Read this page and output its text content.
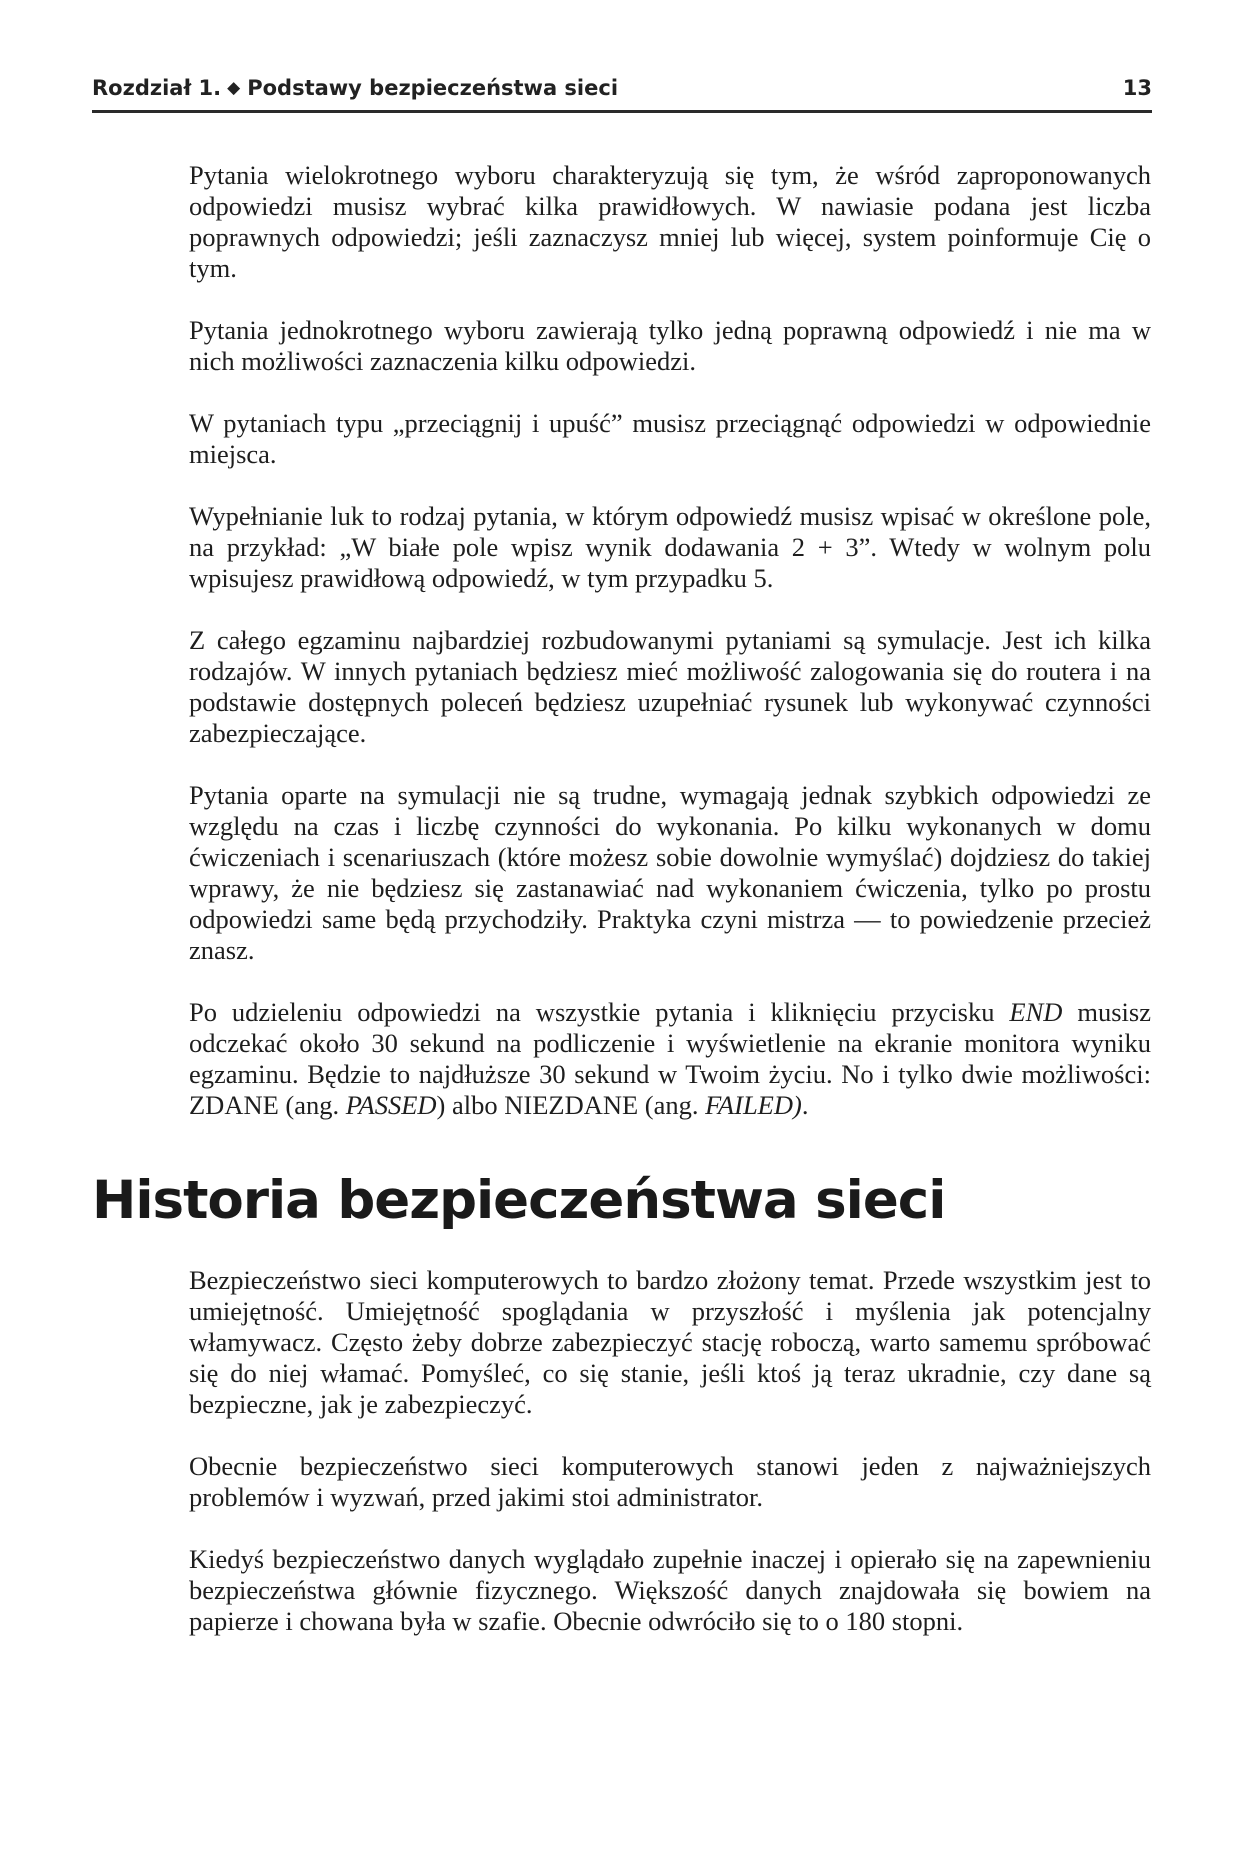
Rozdział 1. ◆ Podstawy bezpieczeństwa sieci	13

Pytania wielokrotnego wyboru charakteryzują się tym, że wśród zaproponowanych odpowiedzi musisz wybrać kilka prawidłowych. W nawiasie podana jest liczba poprawnych odpowiedzi; jeśli zaznaczysz mniej lub więcej, system poinformuje Cię o tym.

Pytania jednokrotnego wyboru zawierają tylko jedną poprawną odpowiedź i nie ma w nich możliwości zaznaczenia kilku odpowiedzi.

W pytaniach typu „przeciągnij i upuść” musisz przeciągnąć odpowiedzi w odpowiednie miejsca.

Wypełnianie luk to rodzaj pytania, w którym odpowiedź musisz wpisać w określone pole, na przykład: „W białe pole wpisz wynik dodawania 2 + 3”. Wtedy w wolnym polu wpisujesz prawidłową odpowiedź, w tym przypadku 5.

Z całego egzaminu najbardziej rozbudowanymi pytaniami są symulacje. Jest ich kilka rodzajów. W innych pytaniach będziesz mieć możliwość zalogowania się do routera i na podstawie dostępnych poleceń będziesz uzupełniać rysunek lub wykonywać czynności zabezpieczające.

Pytania oparte na symulacji nie są trudne, wymagają jednak szybkich odpowiedzi ze względu na czas i liczbę czynności do wykonania. Po kilku wykonanych w domu ćwiczeniach i scenariuszach (które możesz sobie dowolnie wymyślać) dojdziesz do takiej wprawy, że nie będziesz się zastanawiać nad wykonaniem ćwiczenia, tylko po prostu odpowiedzi same będą przychodziły. Praktyka czyni mistrza — to powiedzenie przecież znasz.

Po udzieleniu odpowiedzi na wszystkie pytania i kliknięciu przycisku END musisz odczekać około 30 sekund na podliczenie i wyświetlenie na ekranie monitora wyniku egzaminu. Będzie to najdłuższe 30 sekund w Twoim życiu. No i tylko dwie możliwości: ZDANE (ang. PASSED) albo NIEZDANE (ang. FAILED).

Historia bezpieczeństwa sieci

Bezpieczeństwo sieci komputerowych to bardzo złożony temat. Przede wszystkim jest to umiejętność. Umiejętność spoglądania w przyszłość i myślenia jak potencjalny włamywacz. Często żeby dobrze zabezpieczyć stację roboczą, warto samemu spróbować się do niej włamać. Pomyśleć, co się stanie, jeśli ktoś ją teraz ukradnie, czy dane są bezpieczne, jak je zabezpieczyć.

Obecnie bezpieczeństwo sieci komputerowych stanowi jeden z najważniejszych problemów i wyzwań, przed jakimi stoi administrator.

Kiedyś bezpieczeństwo danych wyglądało zupełnie inaczej i opierało się na zapewnieniu bezpieczeństwa głównie fizycznego. Większość danych znajdowała się bowiem na papierze i chowana była w szafie. Obecnie odwróciło się to o 180 stopni.
